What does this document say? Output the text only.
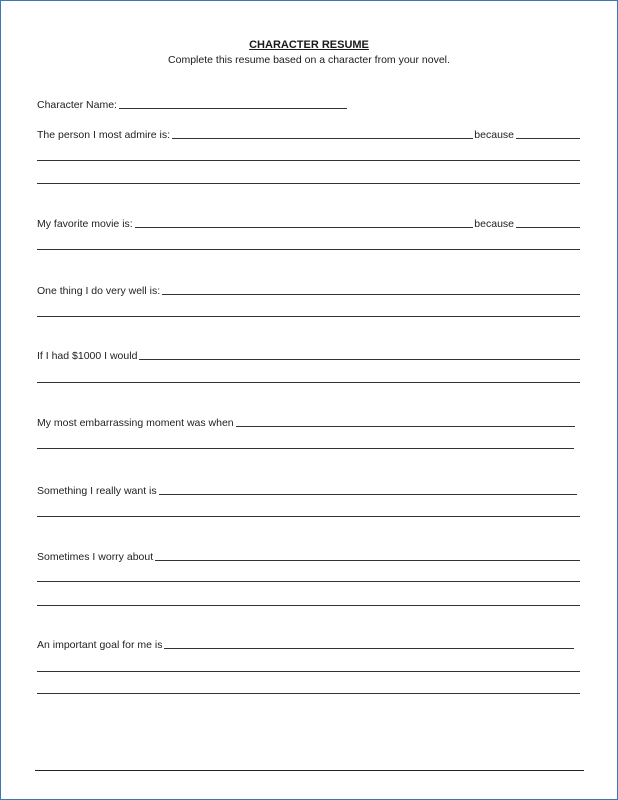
CHARACTER RESUME

Complete this resume based on a character from your novel.

Character Name:
The person I most admire is:	because
My favorite movie is:	because
One thing I do very well is:
If I had $1000 I would
My most embarrassing moment was when
Something I really want is
Sometimes I worry about
An important goal for me is
